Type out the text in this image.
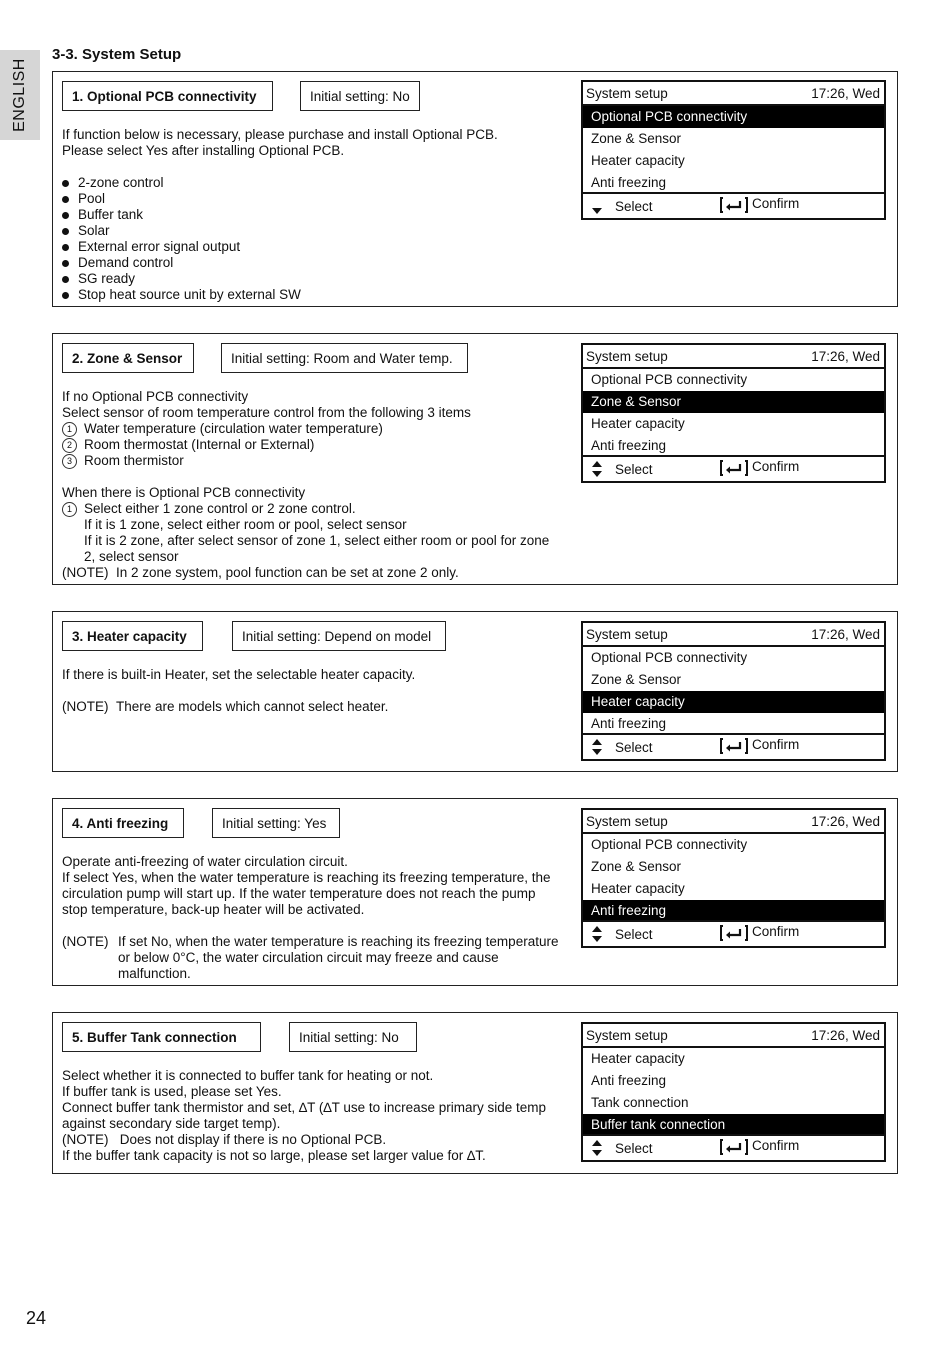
ENGLISH
3-3. System Setup
1. Optional PCB connectivity	Initial setting: No

If function below is necessary, please purchase and install Optional PCB.

Please select Yes after installing Optional PCB.

2-zone control

Pool

Buffer tank

Solar

External error signal output

Demand control

SG ready

Stop heat source unit by external SW

System setup	17:26, Wed
Optional PCB connectivity
Zone & Sensor
Heater capacity
Anti freezing
Select	Confirm
2. Zone & Sensor	Initial setting: Room and Water temp.

If no Optional PCB connectivity

Select sensor of room temperature control from the following 3 items

1 Water temperature (circulation water temperature)

2 Room thermostat (Internal or External)

3 Room thermistor

When there is Optional PCB connectivity

1 Select either 1 zone control or 2 zone control.

If it is 1 zone, select either room or pool, select sensor

If it is 2 zone, after select sensor of zone 1, select either room or pool for zone

2, select sensor

(NOTE) In 2 zone system, pool function can be set at zone 2 only.

System setup	17:26, Wed
Optional PCB connectivity
Zone & Sensor
Heater capacity
Anti freezing
Select	Confirm
3. Heater capacity	Initial setting: Depend on model

If there is built-in Heater, set the selectable heater capacity.

(NOTE) There are models which cannot select heater.

System setup	17:26, Wed
Optional PCB connectivity
Zone & Sensor
Heater capacity
Anti freezing
Select	Confirm
4. Anti freezing	Initial setting: Yes

Operate anti-freezing of water circulation circuit.

If select Yes, when the water temperature is reaching its freezing temperature, the

circulation pump will start up. If the water temperature does not reach the pump

stop temperature, back-up heater will be activated.

(NOTE) If set No, when the water temperature is reaching its freezing temperature

or below 0°C, the water circulation circuit may freeze and cause

malfunction.

System setup	17:26, Wed
Optional PCB connectivity
Zone & Sensor
Heater capacity
Anti freezing
Select	Confirm
5. Buffer Tank connection	Initial setting: No

Select whether it is connected to buffer tank for heating or not.

If buffer tank is used, please set Yes.

Connect buffer tank thermistor and set, ∆T (∆T use to increase primary side temp

against secondary side target temp).

(NOTE)   Does not display if there is no Optional PCB.

If the buffer tank capacity is not so large, please set larger value for ∆T.

System setup	17:26, Wed
Heater capacity
Anti freezing
Tank connection
Buffer tank connection
Select	Confirm
24
